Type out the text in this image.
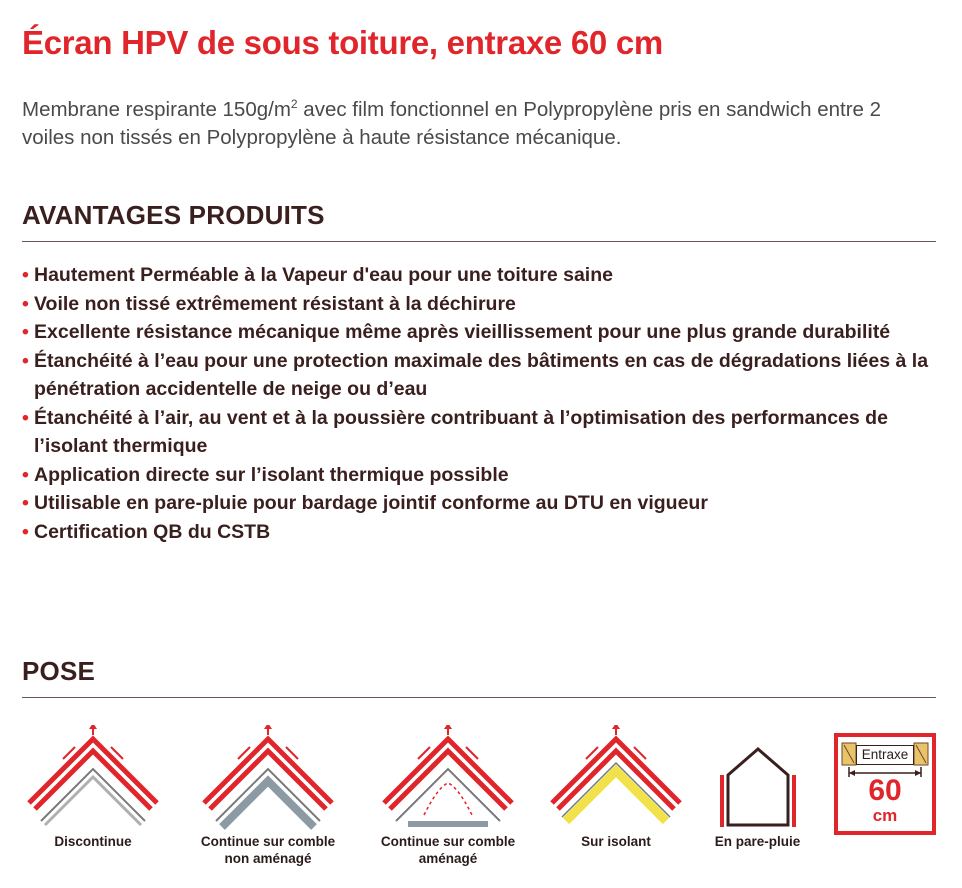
Écran HPV de sous toiture, entraxe 60 cm

Membrane respirante $150g/m^2$ avec film fonctionnel en Polypropylène pris en sandwich entre 2 voiles non tissés en Polypropylène à haute résistance mécanique.

AVANTAGES PRODUITS
• Hautement Perméable à la Vapeur d'eau pour une toiture saine
• Voile non tissé extrêmement résistant à la déchirure
• Excellente résistance mécanique même après vieillissement pour une plus grande durabilité
• Étanchéité à l’eau pour une protection maximale des bâtiments en cas de dégradations liées à la pénétration accidentelle de neige ou d’eau
• Étanchéité à l’air, au vent et à la poussière contribuant à l’optimisation des performances de l’isolant thermique
• Application directe sur l’isolant thermique possible
• Utilisable en pare-pluie pour bardage jointif conforme au DTU en vigueur
• Certification QB du CSTB
POSE
Discontinue	Continue sur comble non aménagé
Continue sur comble aménagé
Sur isolant	En pare-pluie
Entraxe
60
cm
